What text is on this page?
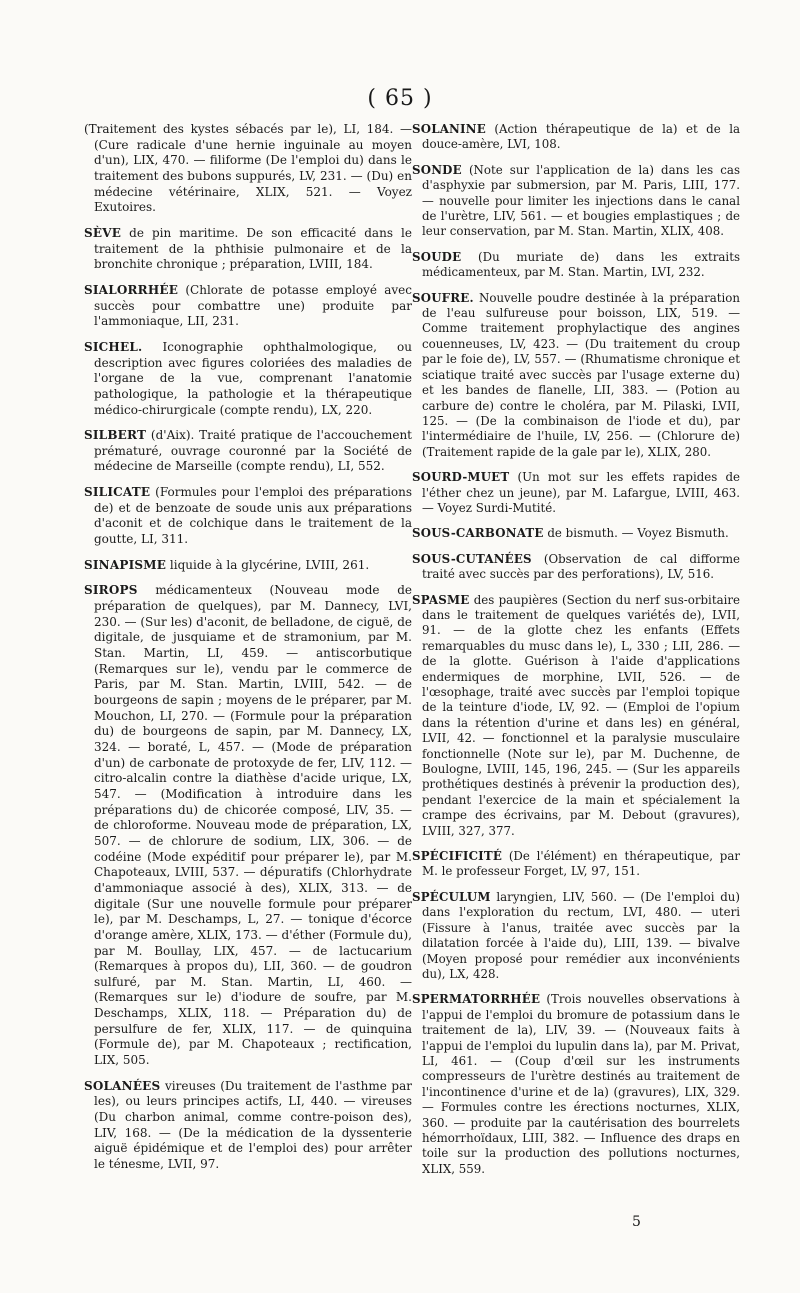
( 65 )

(Traitement des kystes sébacés par le), LI, 184. — (Cure radicale d'une hernie inguinale au moyen d'un), LIX, 470. — filiforme (De l'emploi du) dans le traitement des bubons suppurés, LV, 231. — (Du) en médecine vétérinaire, XLIX, 521. — Voyez Exutoires.

SÈVE de pin maritime. De son efficacité dans le traitement de la phthisie pulmonaire et de la bronchite chronique ; préparation, LVIII, 184.

SIALORRHÉE (Chlorate de potasse employé avec succès pour combattre une) produite par l'ammoniaque, LII, 231.

SICHEL. Iconographie ophthalmologique, ou description avec figures coloriées des maladies de l'organe de la vue, comprenant l'anatomie pathologique, la pathologie et la thérapeutique médico-chirurgicale (compte rendu), LX, 220.

SILBERT (d'Aix). Traité pratique de l'accouchement prématuré, ouvrage couronné par la Société de médecine de Marseille (compte rendu), LI, 552.

SILICATE (Formules pour l'emploi des préparations de) et de benzoate de soude unis aux préparations d'aconit et de colchique dans le traitement de la goutte, LI, 311.

SINAPISME liquide à la glycérine, LVIII, 261.

SIROPS médicamenteux (Nouveau mode de préparation de quelques), par M. Dannecy, LVI, 230. — (Sur les) d'aconit, de belladone, de ciguë, de digitale, de jusquiame et de stramonium, par M. Stan. Martin, LI, 459. — antiscorbutique (Remarques sur le), vendu par le commerce de Paris, par M. Stan. Martin, LVIII, 542. — de bourgeons de sapin ; moyens de le préparer, par M. Mouchon, LI, 270. — (Formule pour la préparation du) de bourgeons de sapin, par M. Dannecy, LX, 324. — boraté, L, 457. — (Mode de préparation d'un) de carbonate de protoxyde de fer, LIV, 112. — citro-alcalin contre la diathèse d'acide urique, LX, 547. — (Modification à introduire dans les préparations du) de chicorée composé, LIV, 35. — de chloroforme. Nouveau mode de préparation, LX, 507. — de chlorure de sodium, LIX, 306. — de codéine (Mode expéditif pour préparer le), par M. Chapoteaux, LVIII, 537. — dépuratifs (Chlorhydrate d'ammoniaque associé à des), XLIX, 313. — de digitale (Sur une nouvelle formule pour préparer le), par M. Deschamps, L, 27. — tonique d'écorce d'orange amère, XLIX, 173. — d'éther (Formule du), par M. Boullay, LIX, 457. — de lactucarium (Remarques à propos du), LII, 360. — de goudron sulfuré, par M. Stan. Martin, LI, 460. — (Remarques sur le) d'iodure de soufre, par M. Deschamps, XLIX, 118. — Préparation du) de persulfure de fer, XLIX, 117. — de quinquina (Formule de), par M. Chapoteaux ; rectification, LIX, 505.

SOLANÉES vireuses (Du traitement de l'asthme par les), ou leurs principes actifs, LI, 440. — vireuses (Du charbon animal, comme contre-poison des), LIV, 168. — (De la médication de la dyssenterie aiguë épidémique et de l'emploi des) pour arrêter le ténesme, LVII, 97.

SOLANINE (Action thérapeutique de la) et de la douce-amère, LVI, 108.

SONDE (Note sur l'application de la) dans les cas d'asphyxie par submersion, par M. Paris, LIII, 177. — nouvelle pour limiter les injections dans le canal de l'urètre, LIV, 561. — et bougies emplastiques ; de leur conservation, par M. Stan. Martin, XLIX, 408.

SOUDE (Du muriate de) dans les extraits médicamenteux, par M. Stan. Martin, LVI, 232.

SOUFRE. Nouvelle poudre destinée à la préparation de l'eau sulfureuse pour boisson, LIX, 519. — Comme traitement prophylactique des angines couenneuses, LV, 423. — (Du traitement du croup par le foie de), LV, 557. — (Rhumatisme chronique et sciatique traité avec succès par l'usage externe du) et les bandes de flanelle, LII, 383. — (Potion au carbure de) contre le choléra, par M. Pilaski, LVII, 125. — (De la combinaison de l'iode et du), par l'intermédiaire de l'huile, LV, 256. — (Chlorure de) (Traitement rapide de la gale par le), XLIX, 280.

SOURD-MUET (Un mot sur les effets rapides de l'éther chez un jeune), par M. Lafargue, LVIII, 463. — Voyez Surdi-Mutité.

SOUS-CARBONATE de bismuth. — Voyez Bismuth.

SOUS-CUTANÉES (Observation de cal difforme traité avec succès par des perforations), LV, 516.

SPASME des paupières (Section du nerf sus-orbitaire dans le traitement de quelques variétés de), LVII, 91. — de la glotte chez les enfants (Effets remarquables du musc dans le), L, 330 ; LII, 286. — de la glotte. Guérison à l'aide d'applications endermiques de morphine, LVII, 526. — de l'œsophage, traité avec succès par l'emploi topique de la teinture d'iode, LV, 92. — (Emploi de l'opium dans la rétention d'urine et dans les) en général, LVII, 42. — fonctionnel et la paralysie musculaire fonctionnelle (Note sur le), par M. Duchenne, de Boulogne, LVIII, 145, 196, 245. — (Sur les appareils prothétiques destinés à prévenir la production des), pendant l'exercice de la main et spécialement la crampe des écrivains, par M. Debout (gravures), LVIII, 327, 377.

SPÉCIFICITÉ (De l'élément) en thérapeutique, par M. le professeur Forget, LV, 97, 151.

SPÉCULUM laryngien, LIV, 560. — (De l'emploi du) dans l'exploration du rectum, LVI, 480. — uteri (Fissure à l'anus, traitée avec succès par la dilatation forcée à l'aide du), LIII, 139. — bivalve (Moyen proposé pour remédier aux inconvénients du), LX, 428.

SPERMATORRHÉE (Trois nouvelles observations à l'appui de l'emploi du bromure de potassium dans le traitement de la), LIV, 39. — (Nouveaux faits à l'appui de l'emploi du lupulin dans la), par M. Privat, LI, 461. — (Coup d'œil sur les instruments compresseurs de l'urètre destinés au traitement de l'incontinence d'urine et de la) (gravures), LIX, 329. — Formules contre les érections nocturnes, XLIX, 360. — produite par la cautérisation des bourrelets hémorrhoïdaux, LIII, 382. — Influence des draps en toile sur la production des pollutions nocturnes, XLIX, 559.

5
